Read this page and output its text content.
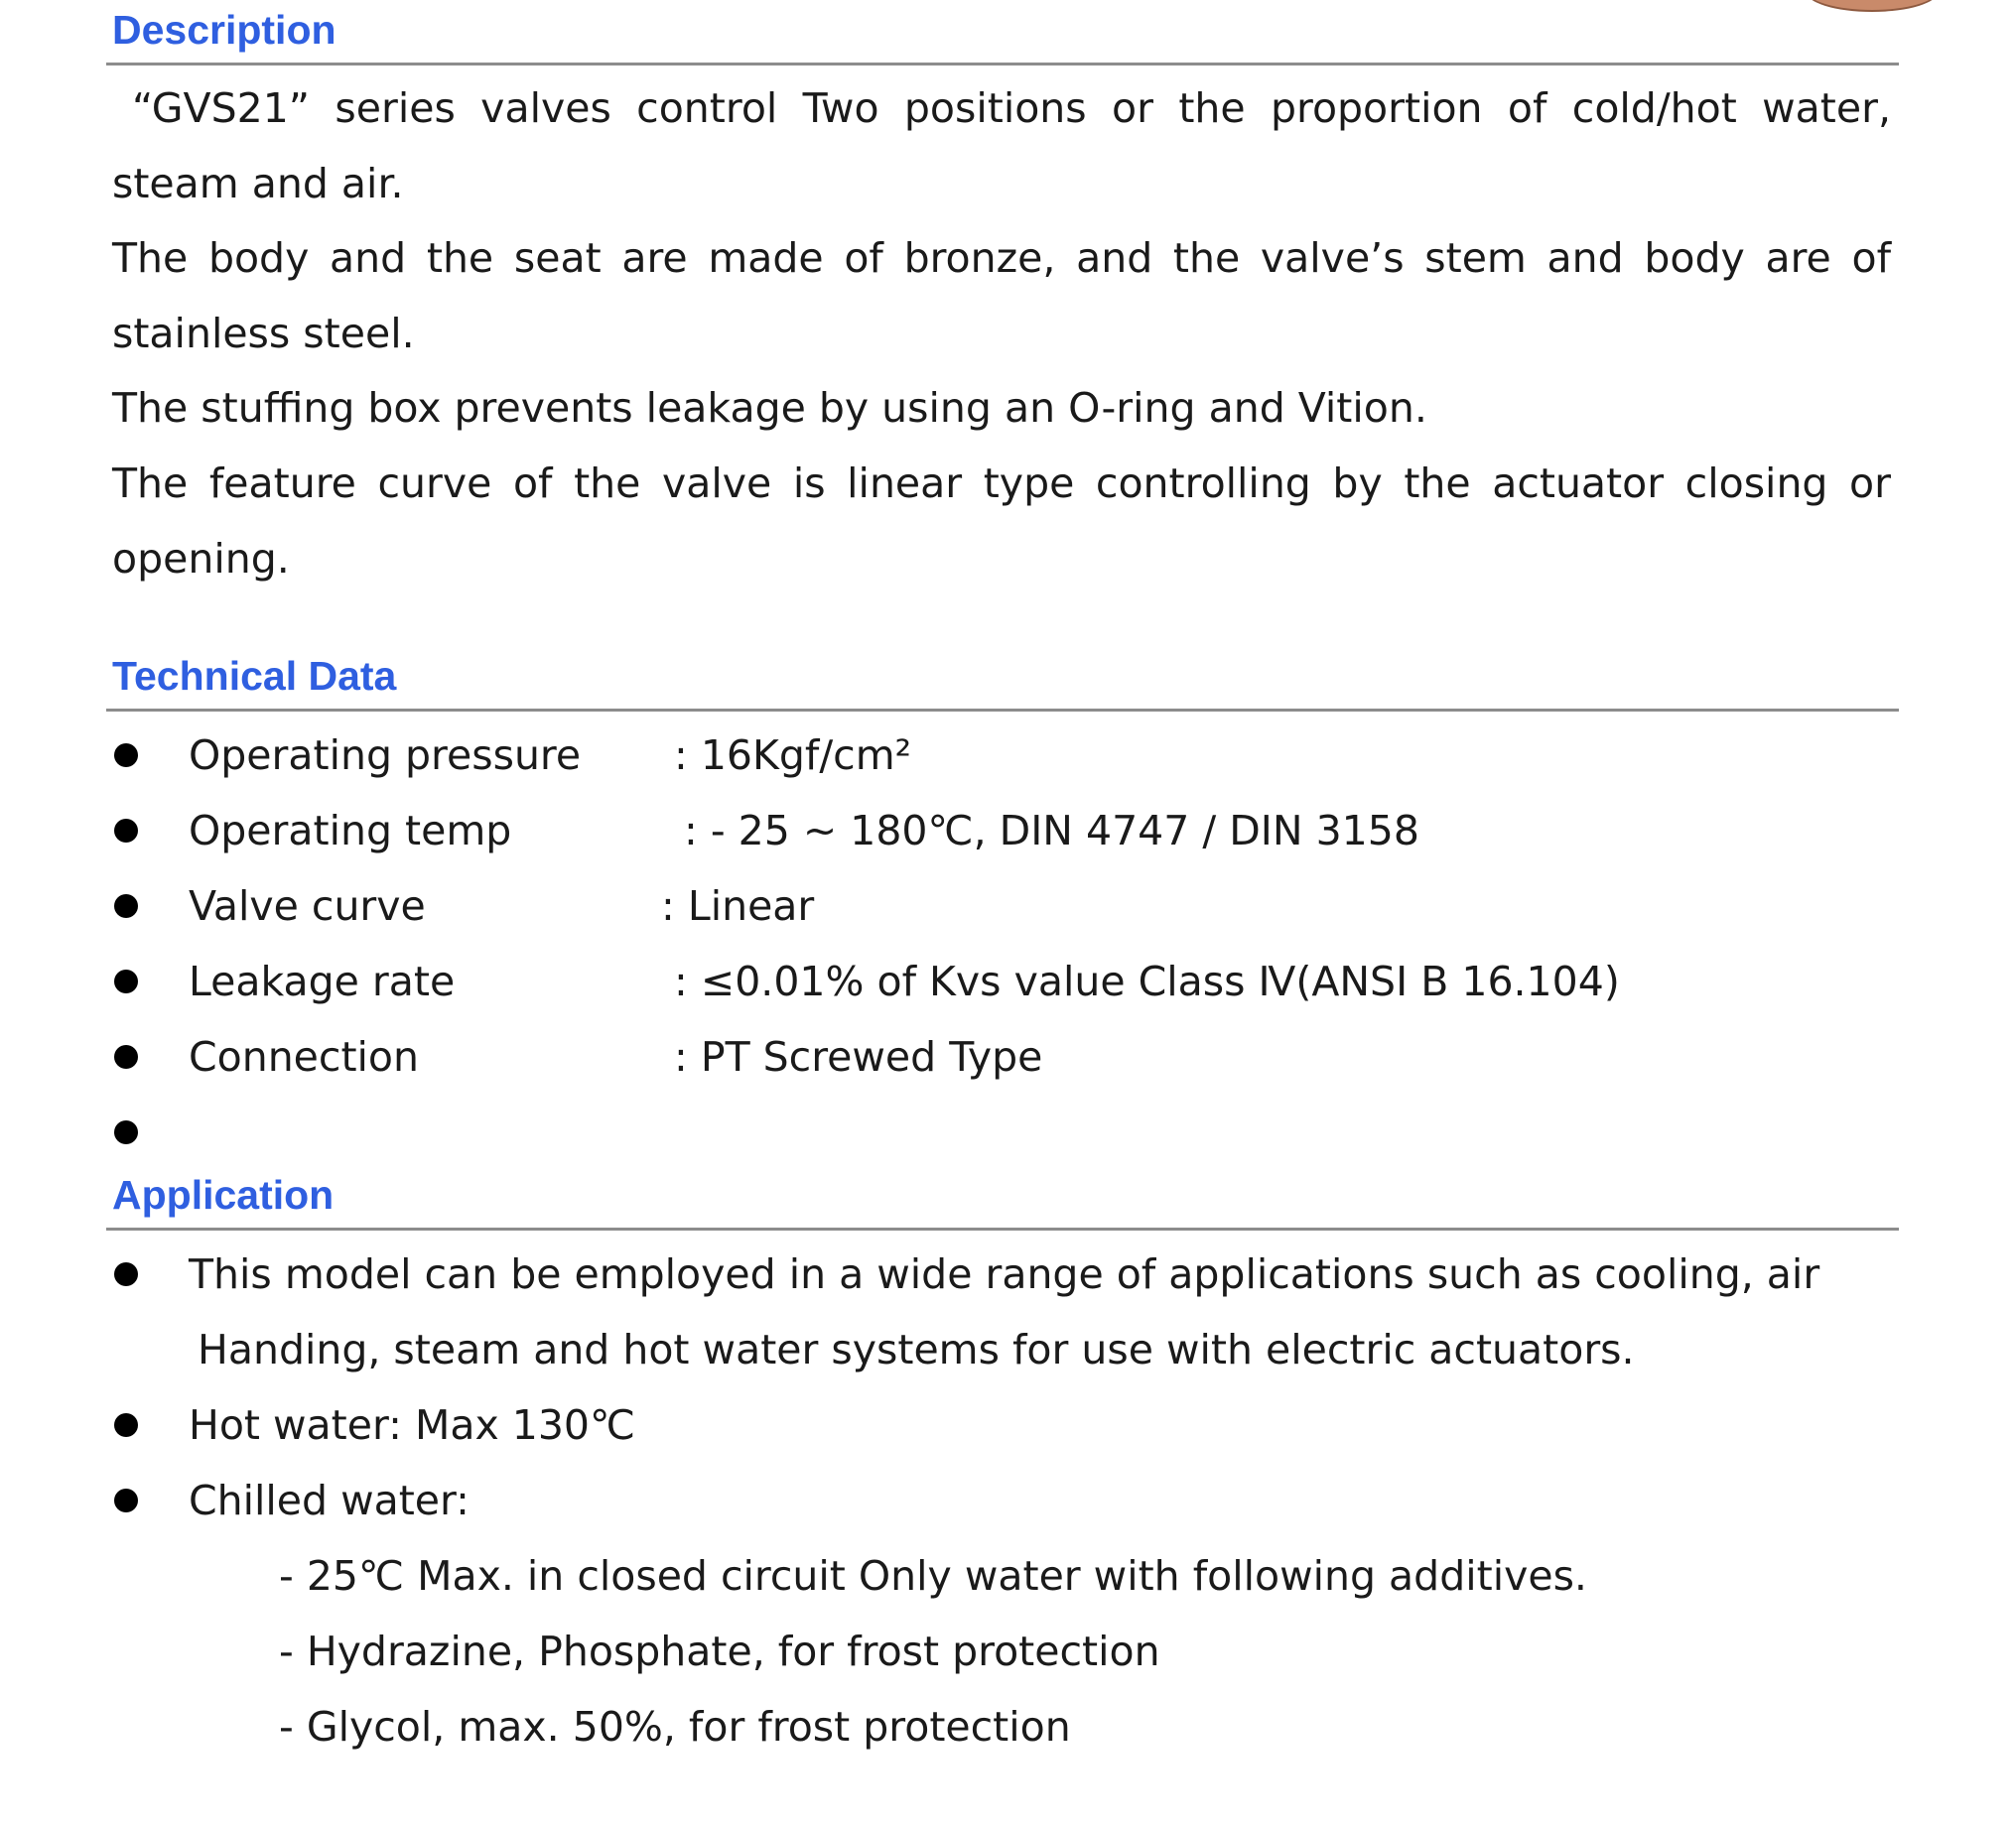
Description
“GVS21” series valves control Two positions or the proportion of cold/hot water, steam and air.
The body and the seat are made of bronze, and the valve’s stem and body are of stainless steel.
The stuffing box prevents leakage by using an O-ring and Vition.
The feature curve of the valve is linear type controlling by the actuator closing or opening.
Technical Data
Operating pressure : 16Kgf/cm²
Operating temp	: - 25 ~ 180℃, DIN 4747 / DIN 3158
Valve curve	: Linear
Leakage rate	: ≤0.01% of Kvs value Class Ⅳ(ANSI B 16.104)
Connection	: PT Screwed Type
Application
This model can be employed in a wide range of applications such as cooling, air
Handing, steam and hot water systems for use with electric actuators.
Hot water: Max 130℃
Chilled water:
- 25℃ Max. in closed circuit Only water with following additives.
- Hydrazine, Phosphate, for frost protection
- Glycol, max. 50%, for frost protection
